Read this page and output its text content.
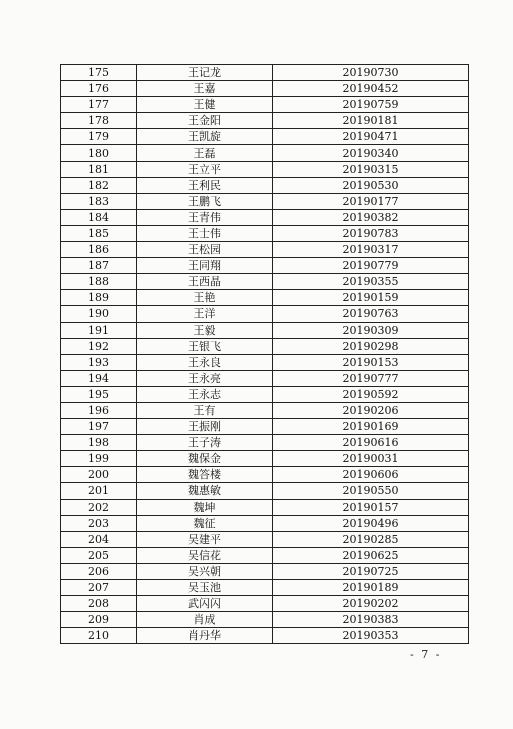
175	王记龙	20190730
176	王嘉	20190452
177	王健	20190759
178	王金阳	20190181
179	王凯旋	20190471
180	王磊	20190340
181	王立平	20190315
182	王利民	20190530
183	王鹏飞	20190177
184	王青伟	20190382
185	王士伟	20190783
186	王松园	20190317
187	王同翔	20190779
188	王西晶	20190355
189	王艳	20190159
190	王洋	20190763
191	王毅	20190309
192	王银飞	20190298
193	王永良	20190153
194	王永亮	20190777
195	王永志	20190592
196	王有	20190206
197	王振刚	20190169
198	王子涛	20190616
199	魏保金	20190031
200	魏答楼	20190606
201	魏惠敏	20190550
202	魏坤	20190157
203	魏征	20190496
204	吴建平	20190285
205	吴信花	20190625
206	吴兴朝	20190725
207	吴玉池	20190189
208	武闪闪	20190202
209	肖成	20190383
210	肖丹华	20190353
- 7 -
